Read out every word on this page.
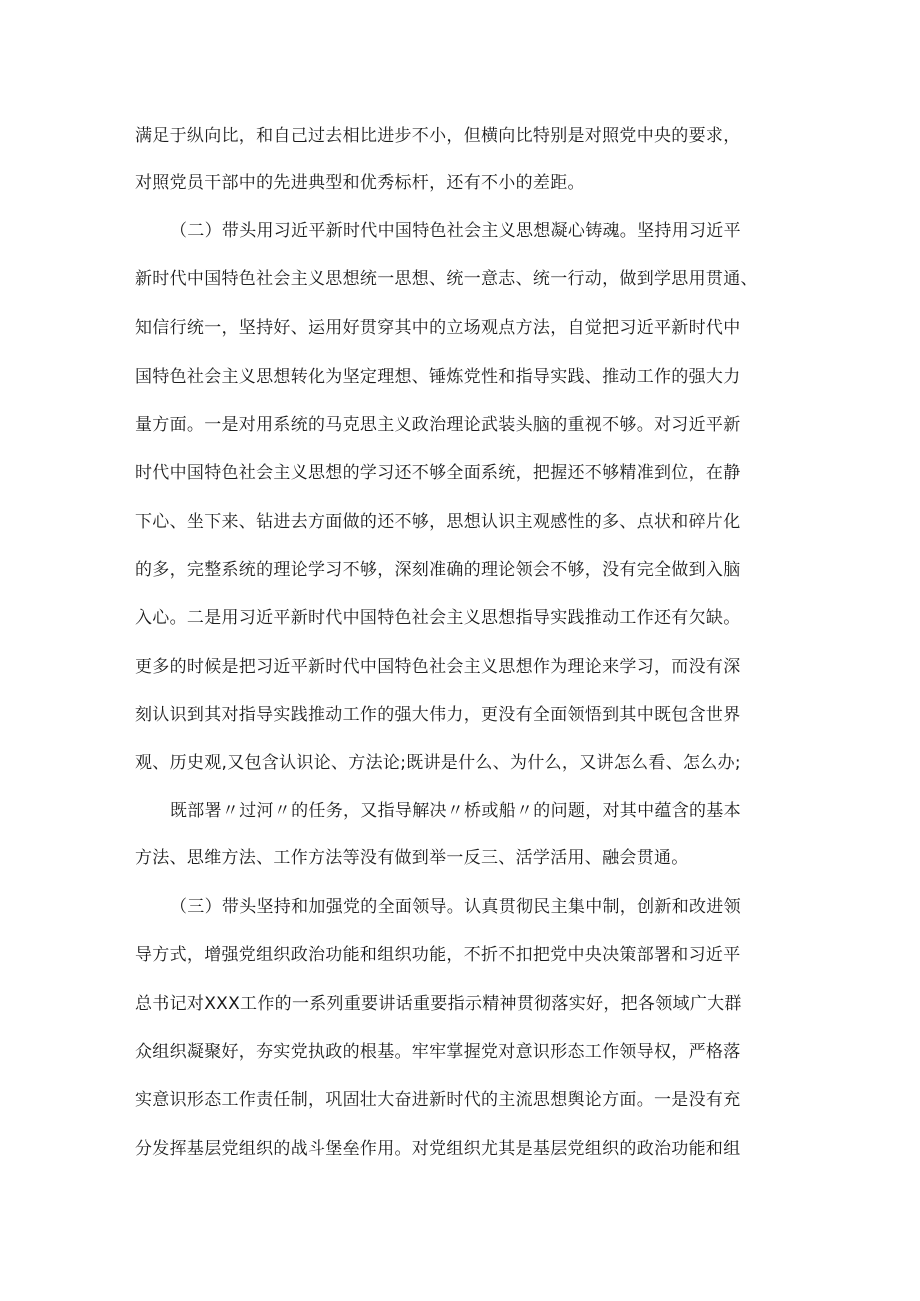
满足于纵向比，和自己过去相比进步不小，但横向比特别是对照党中央的要求，
对照党员干部中的先进典型和优秀标杆，还有不小的差距。
（二）带头用习近平新时代中国特色社会主义思想凝心铸魂。坚持用习近平
新时代中国特色社会主义思想统一思想、统一意志、统一行动，做到学思用贯通、
知信行统一，坚持好、运用好贯穿其中的立场观点方法，自觉把习近平新时代中
国特色社会主义思想转化为坚定理想、锤炼党性和指导实践、推动工作的强大力
量方面。一是对用系统的马克思主义政治理论武装头脑的重视不够。对习近平新
时代中国特色社会主义思想的学习还不够全面系统，把握还不够精准到位，在静
下心、坐下来、钻进去方面做的还不够，思想认识主观感性的多、点状和碎片化
的多，完整系统的理论学习不够，深刻准确的理论领会不够，没有完全做到入脑
入心。二是用习近平新时代中国特色社会主义思想指导实践推动工作还有欠缺。
更多的时候是把习近平新时代中国特色社会主义思想作为理论来学习，而没有深
刻认识到其对指导实践推动工作的强大伟力，更没有全面领悟到其中既包含世界
观、历史观,又包含认识论、方法论;既讲是什么、为什么，又讲怎么看、怎么办;
既部署〃过河〃的任务，又指导解决〃桥或船〃的问题，对其中蕴含的基本
方法、思维方法、工作方法等没有做到举一反三、活学活用、融会贯通。
（三）带头坚持和加强党的全面领导。认真贯彻民主集中制，创新和改进领
导方式，增强党组织政治功能和组织功能，不折不扣把党中央决策部署和习近平
总书记对XXX工作的一系列重要讲话重要指示精神贯彻落实好，把各领域广大群
众组织凝聚好，夯实党执政的根基。牢牢掌握党对意识形态工作领导权，严格落
实意识形态工作责任制，巩固壮大奋进新时代的主流思想舆论方面。一是没有充
分发挥基层党组织的战斗堡垒作用。对党组织尤其是基层党组织的政治功能和组
